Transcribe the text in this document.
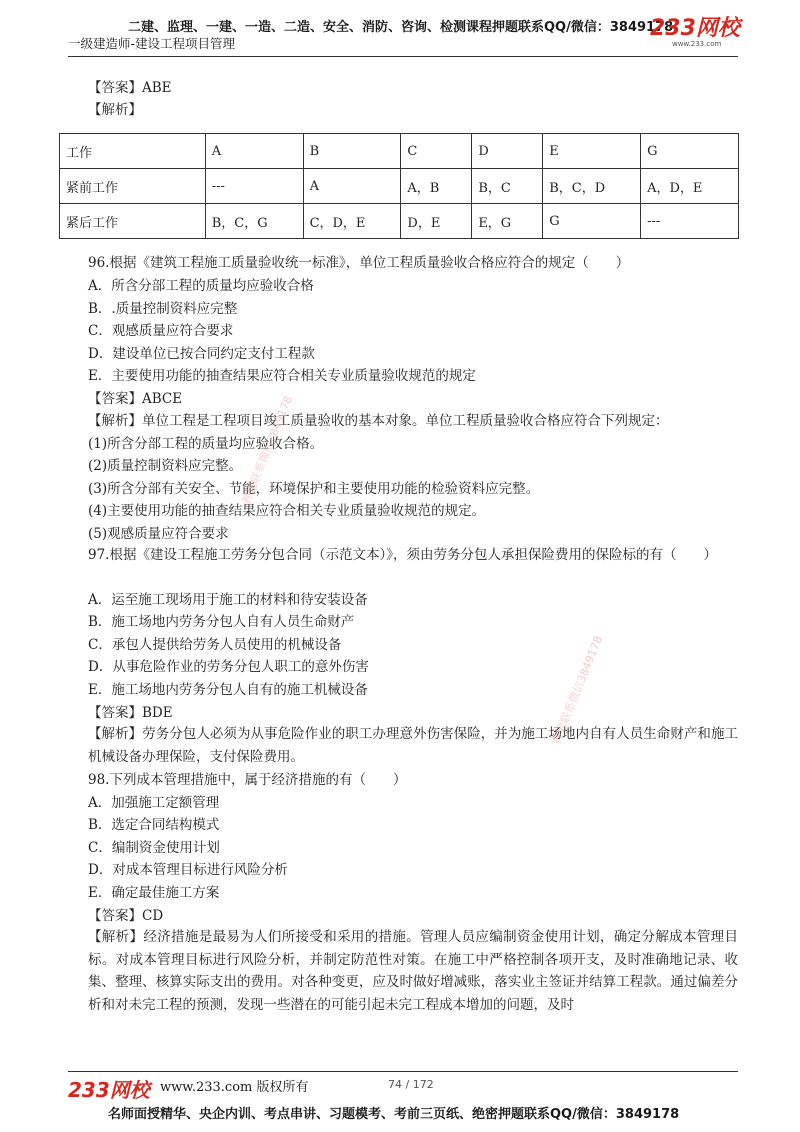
二建、监理、一建、一造、二造、安全、消防、咨询、检测课程押题联系QQ/微信：3849178
一级建造师-建设工程项目管理
233网校
www.233.com
【答案】ABE
【解析】
工作	A	B	C	D	E	G
紧前工作	---	A	A，B	B，C	B，C，D	A，D，E
紧后工作	B，C，G	C，D，E	D，E	E，G	G	---
96.根据《建筑工程施工质量验收统一标准》，单位工程质量验收合格应符合的规定（　　）
A．所含分部工程的质量均应验收合格
B．.质量控制资料应完整
C．观感质量应符合要求
D．建设单位已按合同约定支付工程款
E．主要使用功能的抽查结果应符合相关专业质量验收规范的规定
【答案】ABCE
【解析】单位工程是工程项目竣工质量验收的基本对象。单位工程质量验收合格应符合下列规定：
(1)所含分部工程的质量均应验收合格。
(2)质量控制资料应完整。
(3)所含分部有关安全、节能，环境保护和主要使用功能的检验资料应完整。
(4)主要使用功能的抽查结果应符合相关专业质量验收规范的规定。
(5)观感质量应符合要求
97.根据《建设工程施工劳务分包合同（示范文本）》，须由劳务分包人承担保险费用的保险标的有（　　）
A．运至施工现场用于施工的材料和待安装设备
B．施工场地内劳务分包人自有人员生命财产
C．承包人提供给劳务人员使用的机械设备
D．从事危险作业的劳务分包人职工的意外伤害
E．施工场地内劳务分包人自有的施工机械设备
【答案】BDE
【解析】劳务分包人必须为从事危险作业的职工办理意外伤害保险，并为施工场地内自有人员生命财产和施工机械设备办理保险，支付保险费用。
98.下列成本管理措施中，属于经济措施的有（　　）
A．加强施工定额管理
B．选定合同结构模式
C．编制资金使用计划
D．对成本管理目标进行风险分析
E．确定最佳施工方案
【答案】CD
【解析】经济措施是最易为人们所接受和采用的措施。管理人员应编制资金使用计划，确定分解成本管理目标。对成本管理目标进行风险分析，并制定防范性对策。在施工中严格控制各项开支，及时准确地记录、收集、整理、核算实际支出的费用。对各种变更，应及时做好增减账，落实业主签证并结算工程款。通过偏差分析和对未完工程的预测，发现一些潜在的可能引起未完工程成本增加的问题，及时
押题联系微信3849178
押题联系微信3849178
233网校 www.233.com 版权所有	74 / 172
名师面授精华、央企内训、考点串讲、习题模考、考前三页纸、绝密押题联系QQ/微信：3849178
